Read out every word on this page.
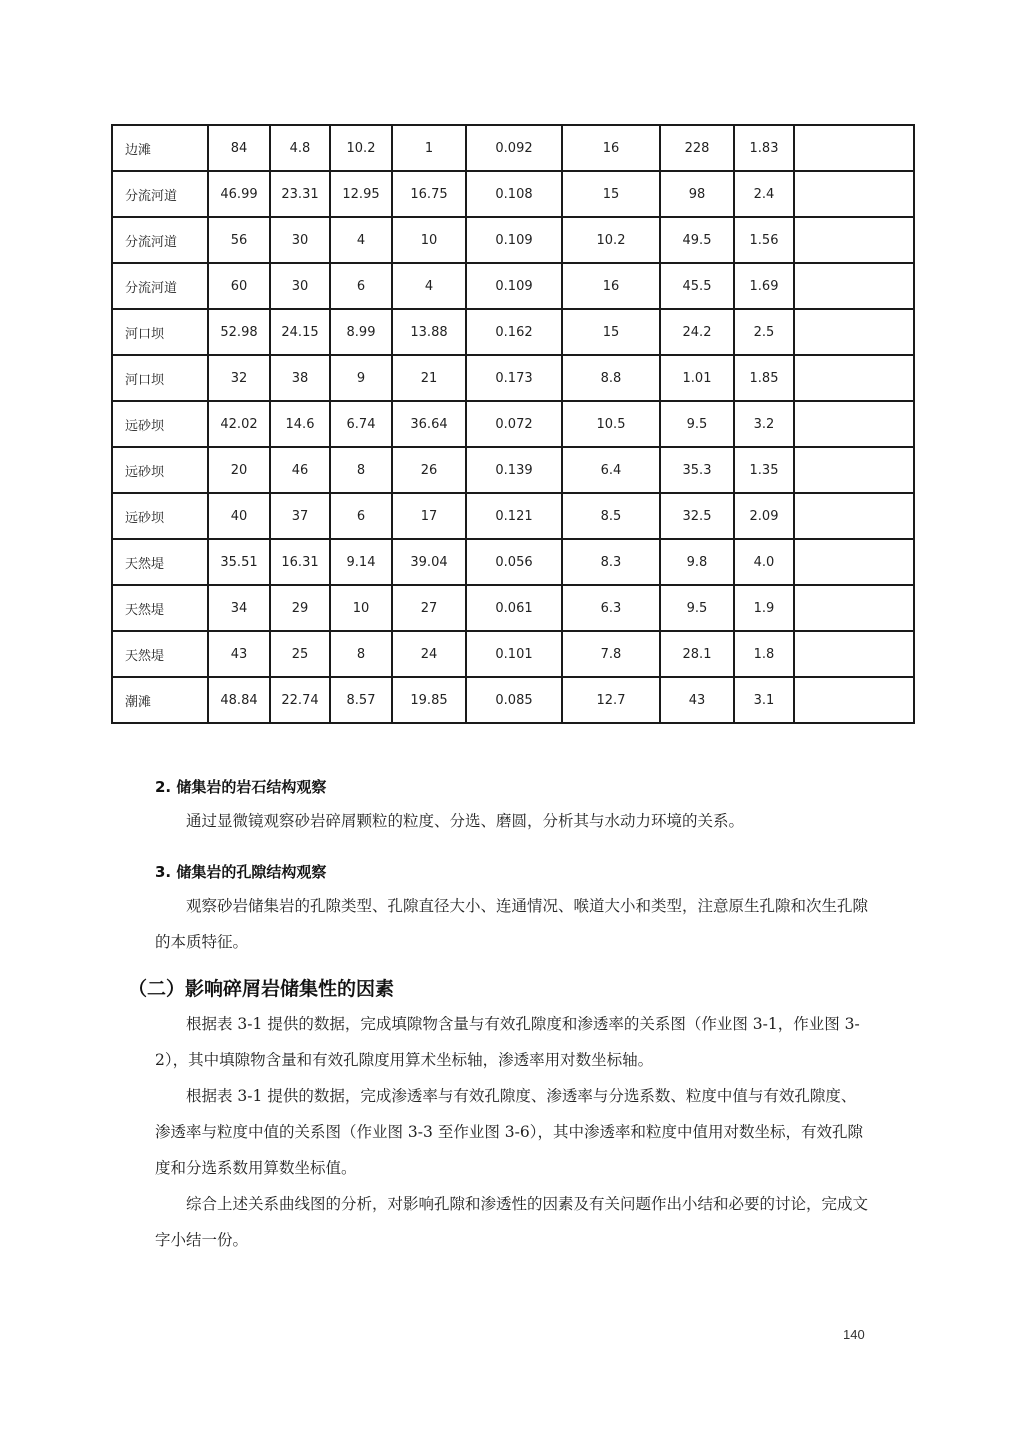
边滩	84	4.8	10.2	1	0.092	16	228	1.83	
分流河道	46.99	23.31	12.95	16.75	0.108	15	98	2.4	
分流河道	56	30	4	10	0.109	10.2	49.5	1.56	
分流河道	60	30	6	4	0.109	16	45.5	1.69	
河口坝	52.98	24.15	8.99	13.88	0.162	15	24.2	2.5	
河口坝	32	38	9	21	0.173	8.8	1.01	1.85	
远砂坝	42.02	14.6	6.74	36.64	0.072	10.5	9.5	3.2	
远砂坝	20	46	8	26	0.139	6.4	35.3	1.35	
远砂坝	40	37	6	17	0.121	8.5	32.5	2.09	
天然堤	35.51	16.31	9.14	39.04	0.056	8.3	9.8	4.0	
天然堤	34	29	10	27	0.061	6.3	9.5	1.9	
天然堤	43	25	8	24	0.101	7.8	28.1	1.8	
潮滩	48.84	22.74	8.57	19.85	0.085	12.7	43	3.1	
2. 储集岩的岩石结构观察

通过显微镜观察砂岩碎屑颗粒的粒度、分选、磨圆，分析其与水动力环境的关系。

3. 储集岩的孔隙结构观察

观察砂岩储集岩的孔隙类型、孔隙直径大小、连通情况、喉道大小和类型，注意原生孔隙和次生孔隙的本质特征。

（二）影响碎屑岩储集性的因素

根据表 3-1 提供的数据，完成填隙物含量与有效孔隙度和渗透率的关系图（作业图 3-1，作业图 3-2），其中填隙物含量和有效孔隙度用算术坐标轴，渗透率用对数坐标轴。

根据表 3-1 提供的数据，完成渗透率与有效孔隙度、渗透率与分选系数、粒度中值与有效孔隙度、渗透率与粒度中值的关系图（作业图 3-3 至作业图 3-6），其中渗透率和粒度中值用对数坐标，有效孔隙度和分选系数用算数坐标值。

综合上述关系曲线图的分析，对影响孔隙和渗透性的因素及有关问题作出小结和必要的讨论，完成文字小结一份。

140
